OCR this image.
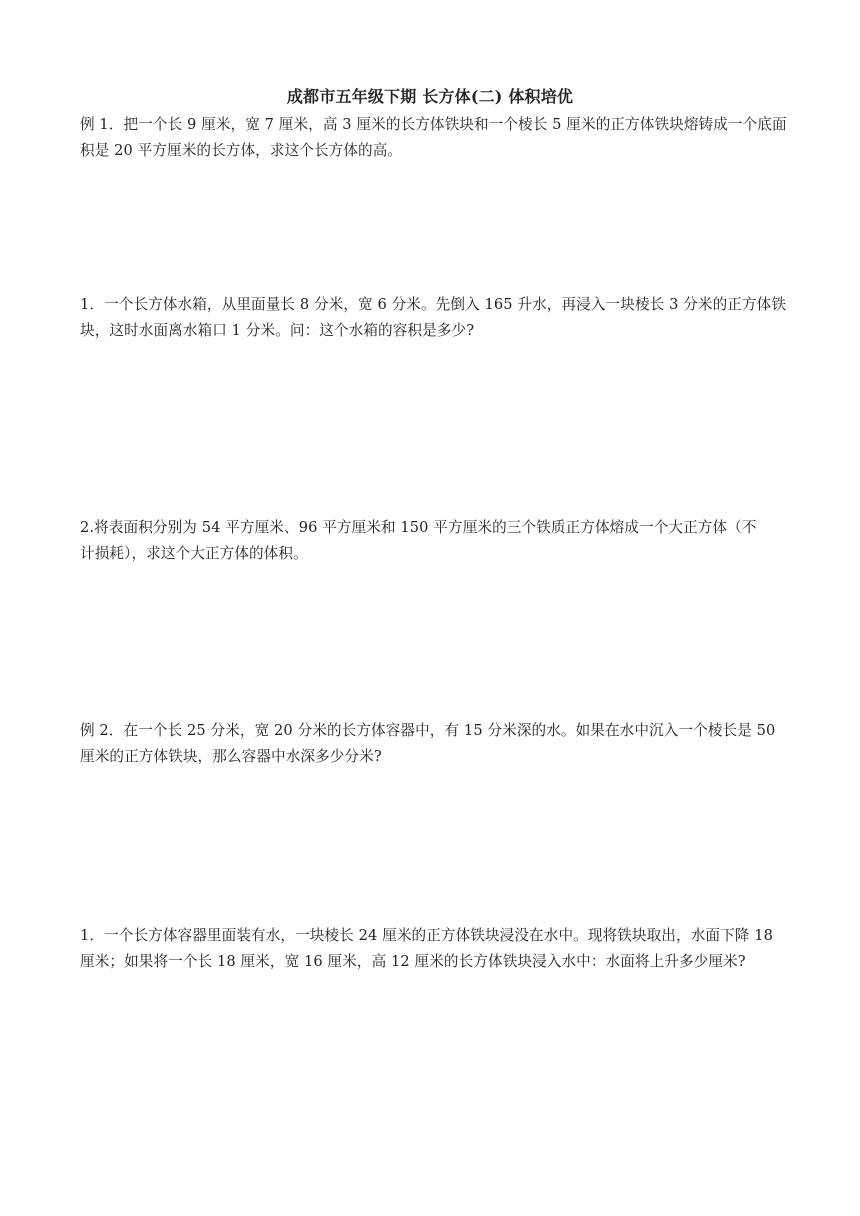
成都市五年级下期 长方体(二) 体积培优
例 1．把一个长 9 厘米，宽 7 厘米，高 3 厘米的长方体铁块和一个棱长 5 厘米的正方体铁块熔铸成一个底面
积是 20 平方厘米的长方体，求这个长方体的高。
1．一个长方体水箱，从里面量长 8 分米，宽 6 分米。先倒入 165 升水，再浸入一块棱长 3 分米的正方体铁
块，这时水面离水箱口 1 分米。问：这个水箱的容积是多少?
2.将表面积分别为 54 平方厘米、96 平方厘米和 150 平方厘米的三个铁质正方体熔成一个大正方体（不
计损耗），求这个大正方体的体积。
例 2．在一个长 25 分米，宽 20 分米的长方体容器中，有 15 分米深的水。如果在水中沉入一个棱长是 50
厘米的正方体铁块，那么容器中水深多少分米?
1．一个长方体容器里面装有水，一块棱长 24 厘米的正方体铁块浸没在水中。现将铁块取出，水面下降 18
厘米；如果将一个长 18 厘米，宽 16 厘米，高 12 厘米的长方体铁块浸入水中：水面将上升多少厘米?
